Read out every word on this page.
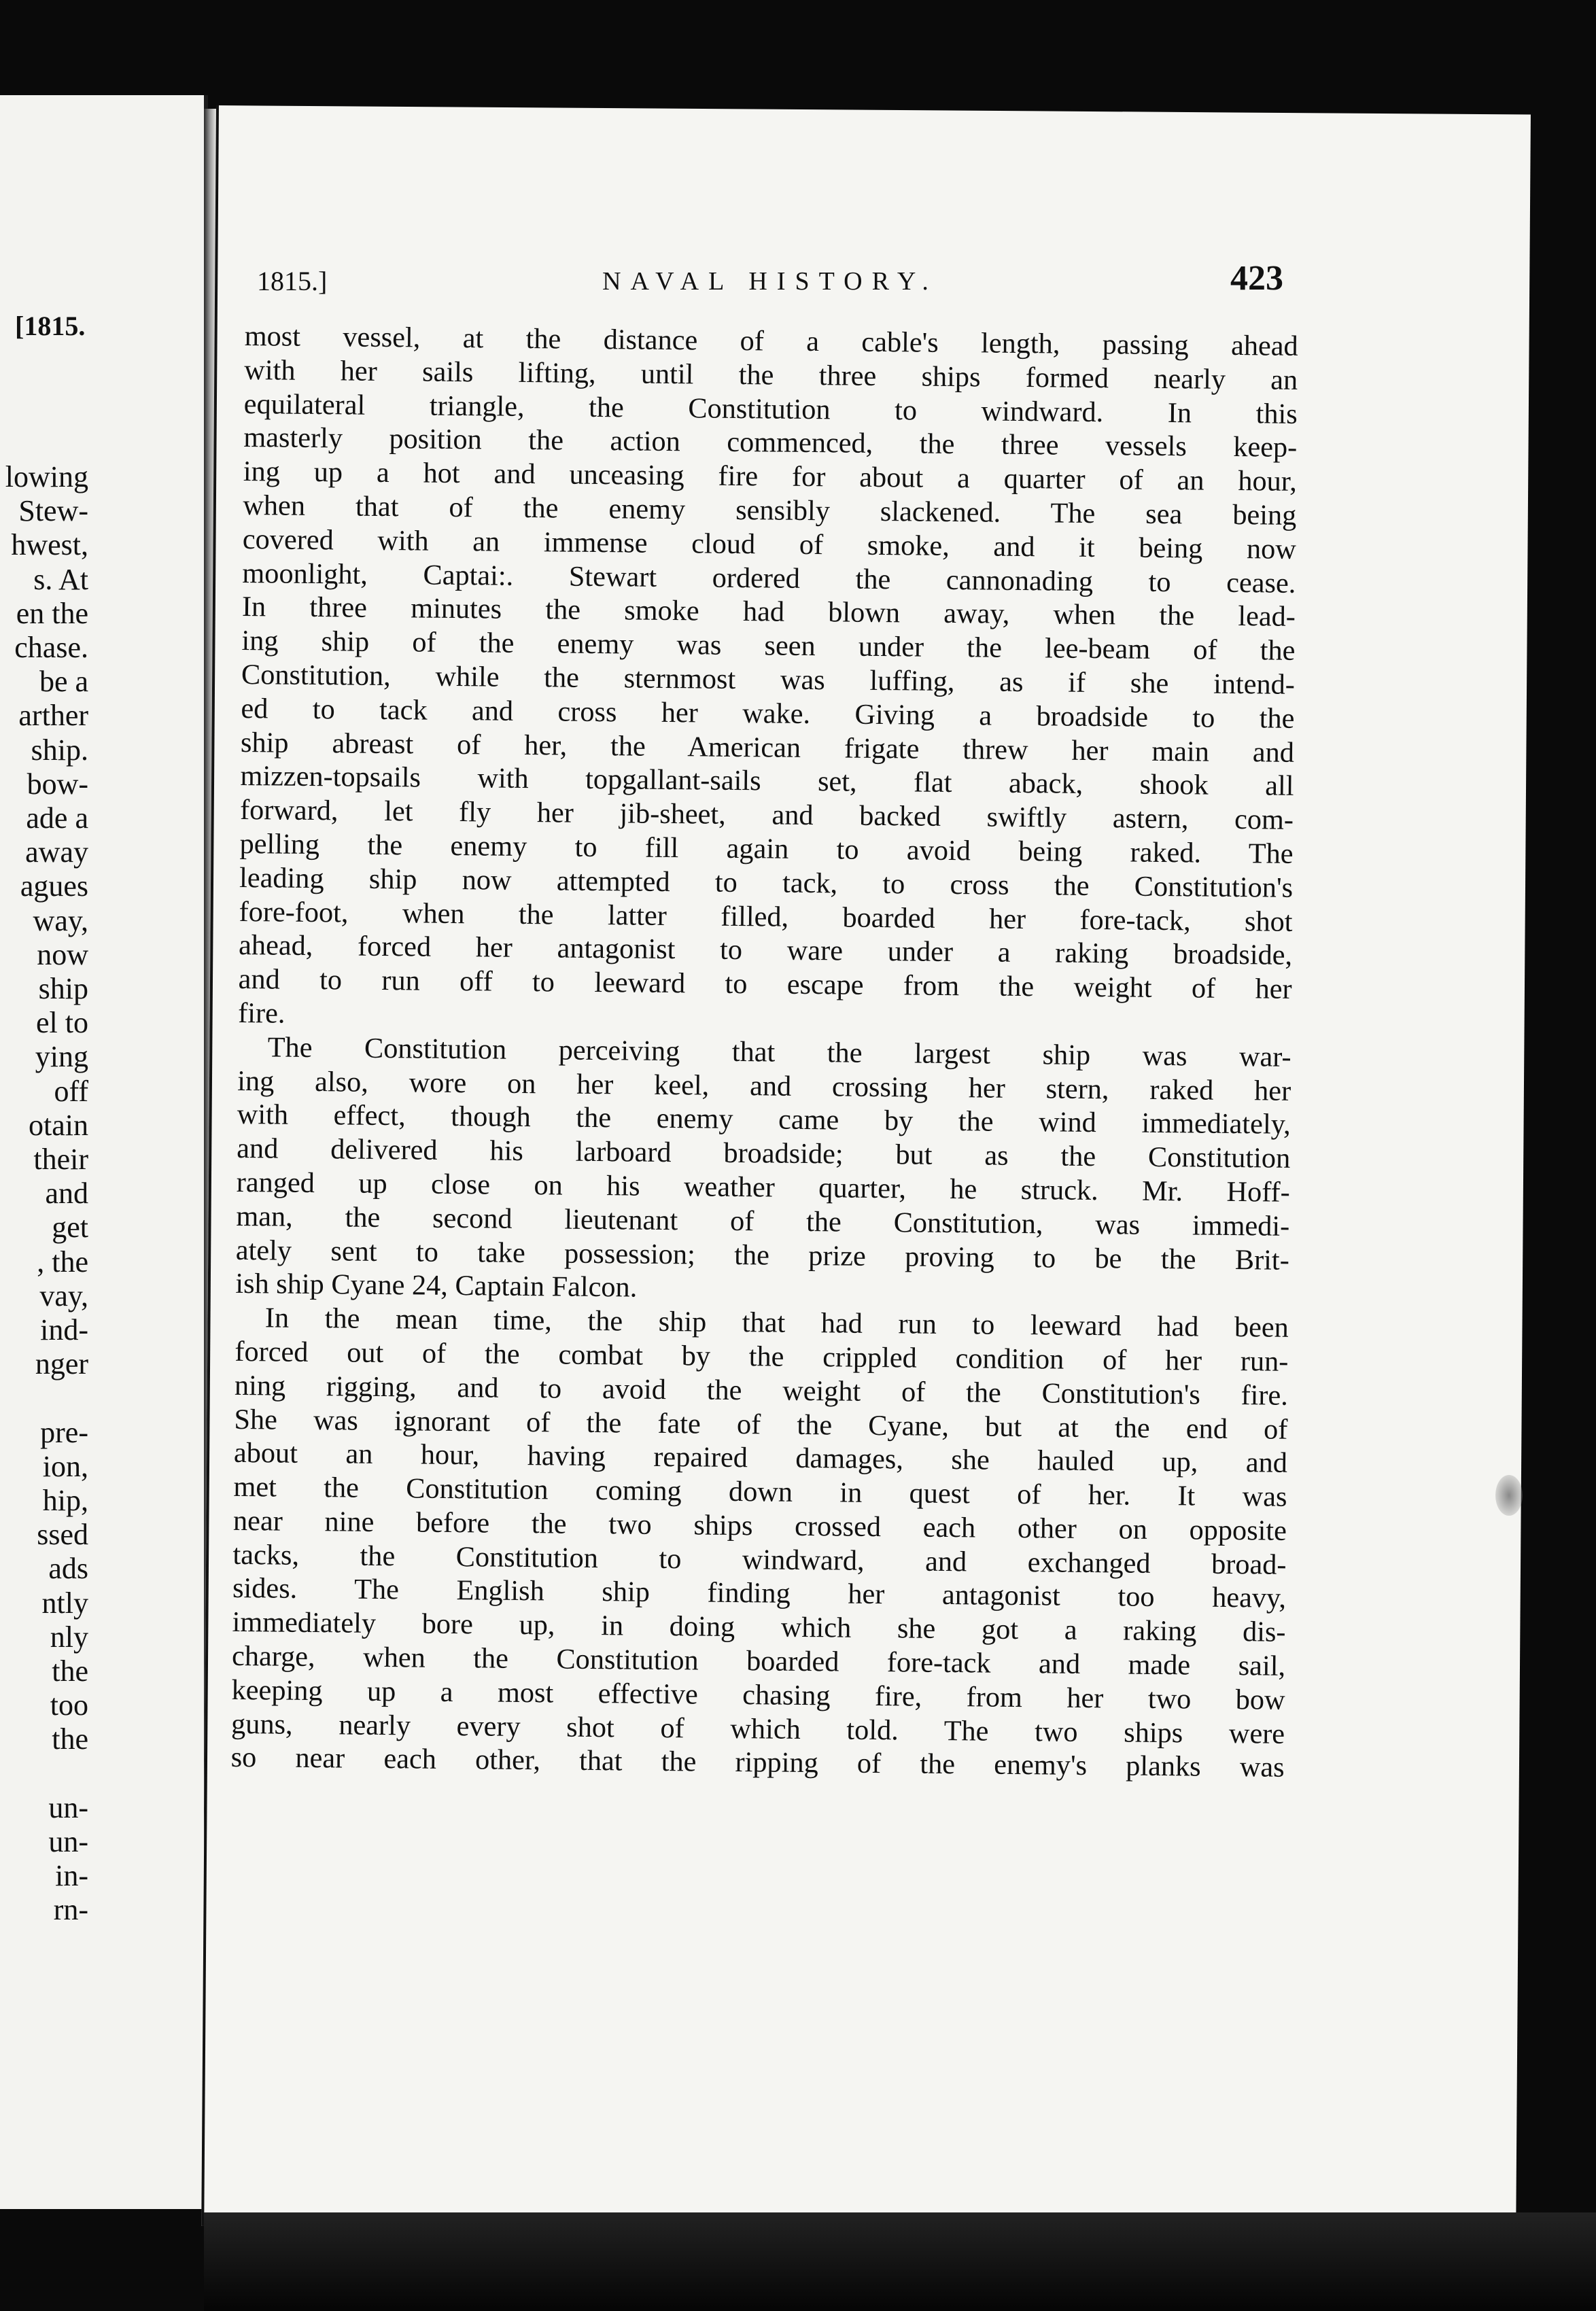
[1815.
lowing
Stew-
hwest,
s. At
en the
chase.
be a
arther
ship.
bow-
ade a
away
agues
way,
now
ship
el to
ying
off
otain
their
and
get
, the
vay,
ind-
nger
pre-
ion,
hip,
ssed
ads
ntly
nly
the
too
the
un-
un-
in-
rn-
1815.]	NAVAL HISTORY.	423
most vessel, at the distance of a cable's length, passing ahead
with her sails lifting, until the three ships formed nearly an
equilateral triangle, the Constitution to windward. In this
masterly position the action commenced, the three vessels keep-
ing up a hot and unceasing fire for about a quarter of an hour,
when that of the enemy sensibly slackened. The sea being
covered with an immense cloud of smoke, and it being now
moonlight, Captai:. Stewart ordered the cannonading to cease.
In three minutes the smoke had blown away, when the lead-
ing ship of the enemy was seen under the lee-beam of the
Constitution, while the sternmost was luffing, as if she intend-
ed to tack and cross her wake. Giving a broadside to the
ship abreast of her, the American frigate threw her main and
mizzen-topsails with topgallant-sails set, flat aback, shook all
forward, let fly her jib-sheet, and backed swiftly astern, com-
pelling the enemy to fill again to avoid being raked. The
leading ship now attempted to tack, to cross the Constitution's
fore-foot, when the latter filled, boarded her fore-tack, shot
ahead, forced her antagonist to ware under a raking broadside,
and to run off to leeward to escape from the weight of her
fire.
The Constitution perceiving that the largest ship was war-
ing also, wore on her keel, and crossing her stern, raked her
with effect, though the enemy came by the wind immediately,
and delivered his larboard broadside; but as the Constitution
ranged up close on his weather quarter, he struck. Mr. Hoff-
man, the second lieutenant of the Constitution, was immedi-
ately sent to take possession; the prize proving to be the Brit-
ish ship Cyane 24, Captain Falcon.
In the mean time, the ship that had run to leeward had been
forced out of the combat by the crippled condition of her run-
ning rigging, and to avoid the weight of the Constitution's fire.
She was ignorant of the fate of the Cyane, but at the end of
about an hour, having repaired damages, she hauled up, and
met the Constitution coming down in quest of her. It was
near nine before the two ships crossed each other on opposite
tacks, the Constitution to windward, and exchanged broad-
sides. The English ship finding her antagonist too heavy,
immediately bore up, in doing which she got a raking dis-
charge, when the Constitution boarded fore-tack and made sail,
keeping up a most effective chasing fire, from her two bow
guns, nearly every shot of which told. The two ships were
so near each other, that the ripping of the enemy's planks was
